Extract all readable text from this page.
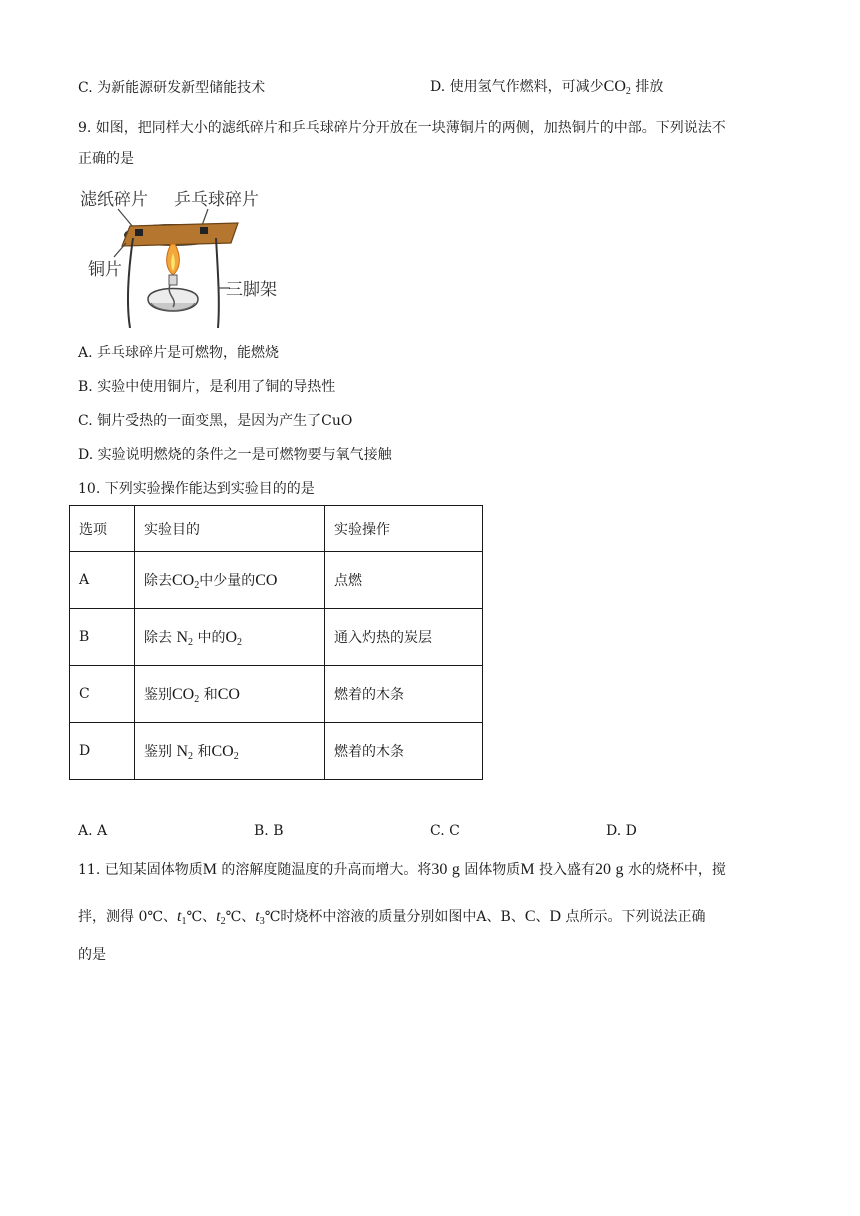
C. 为新能源研发新型储能技术	D. 使用氢气作燃料，可减少$CO_2$ 排放
9. 如图，把同样大小的滤纸碎片和乒乓球碎片分开放在一块薄铜片的两侧，加热铜片的中部。下列说法不
正确的是
滤纸碎片 乒乓球碎片
铜片
三脚架
A. 乒乓球碎片是可燃物，能燃烧
B. 实验中使用铜片，是利用了铜的导热性
C. 铜片受热的一面变黑，是因为产生了CuO
D. 实验说明燃烧的条件之一是可燃物要与氧气接触
10. 下列实验操作能达到实验目的的是
选项	实验目的	实验操作
A	除去$CO_2$中少量的CO	点燃
B	除去 $N_2$ 中的$O_2$	通入灼热的炭层
C	鉴别$CO_2$ 和CO	燃着的木条
D	鉴别 $N_2$ 和$CO_2$	燃着的木条
A. A	B. B	C. C	D. D
11. 已知某固体物质M 的溶解度随温度的升高而增大。将30 g 固体物质M 投入盛有20 g 水的烧杯中，搅
拌，测得 0℃、$t_1℃$、$t_2℃$、$t_3℃$时烧杯中溶液的质量分别如图中A、B、C、D 点所示。下列说法正确
的是
